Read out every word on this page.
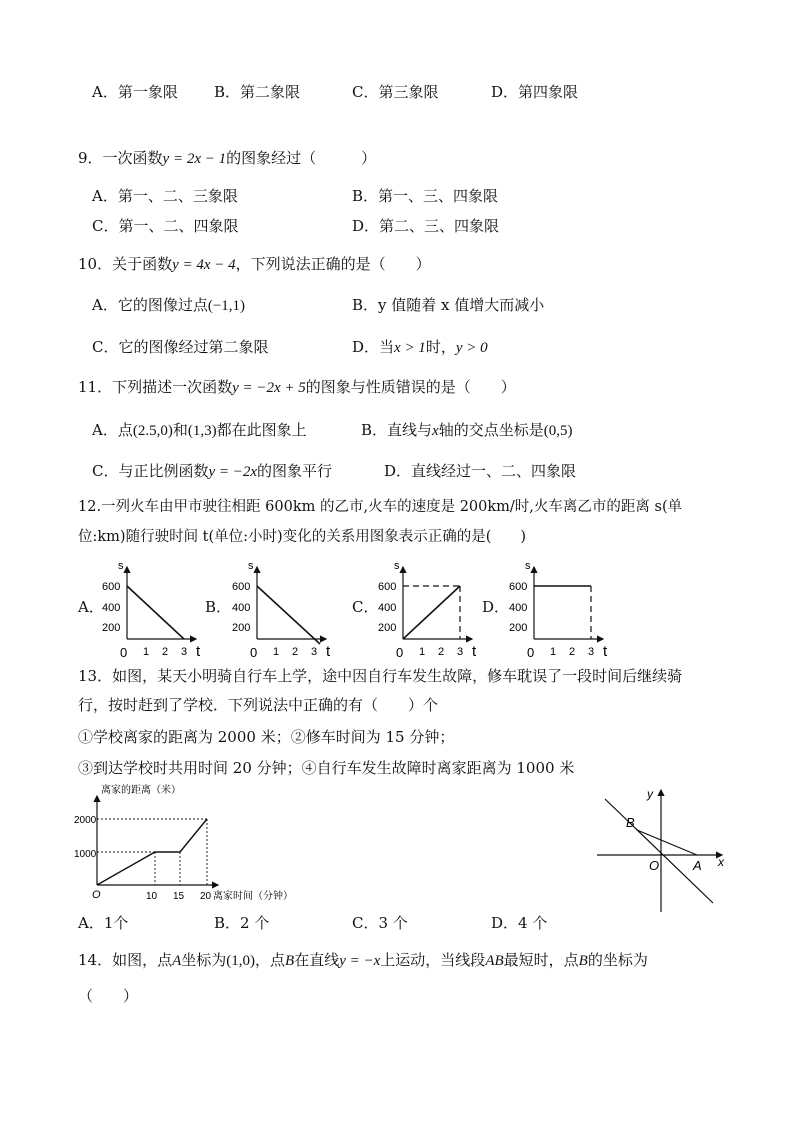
A．第一象限 B．第二象限	C．第三象限	D．第四象限
9．一次函数y = 2x − 1的图象经过（　　　）
A．第一、二、三象限	B．第一、三、四象限
C．第一、二、四象限	D．第二、三、四象限
10．关于函数y = 4x − 4，下列说法正确的是（　　）
A．它的图像过点(−1,1)	B．y 值随着 x 值增大而减小
C．它的图像经过第二象限	D．当x > 1时，y > 0
11．下列描述一次函数y = −2x + 5的图象与性质错误的是（　　）
A．点(2.5,0)和(1,3)都在此图象上	B．直线与x轴的交点坐标是(0,5)
C．与正比例函数y = −2x的图象平行	D．直线经过一、二、四象限
12.一列火车由甲市驶往相距 600km 的乙市,火车的速度是 200km/时,火车离乙市的距离 s(单
位:km)随行驶时间 t(单位:小时)变化的关系用图象表示正确的是(　　)
A．	B．	C．	D．
s
t
600
400
200
0 1 2 3
s
t
600
400
200
0 1 2 3
s
t
600
400
200
0 1 2 3
s
t
600
400
200
0 1 2 3
离家的距离（米）
2000
1000
O	10 15 20 离家时间（分钟）
x
y
O	A
B
13．如图，某天小明骑自行车上学，途中因自行车发生故障，修车耽误了一段时间后继续骑
行，按时赶到了学校．下列说法中正确的有（　　）个
①学校离家的距离为 2000 米；②修车时间为 15 分钟；
③到达学校时共用时间 20 分钟；④自行车发生故障时离家距离为 1000 米
A．1个	B．2 个	C．3 个	D．4 个
14．如图，点A坐标为(1,0)，点B在直线y = −x上运动，当线段AB最短时，点B的坐标为
（　　）
